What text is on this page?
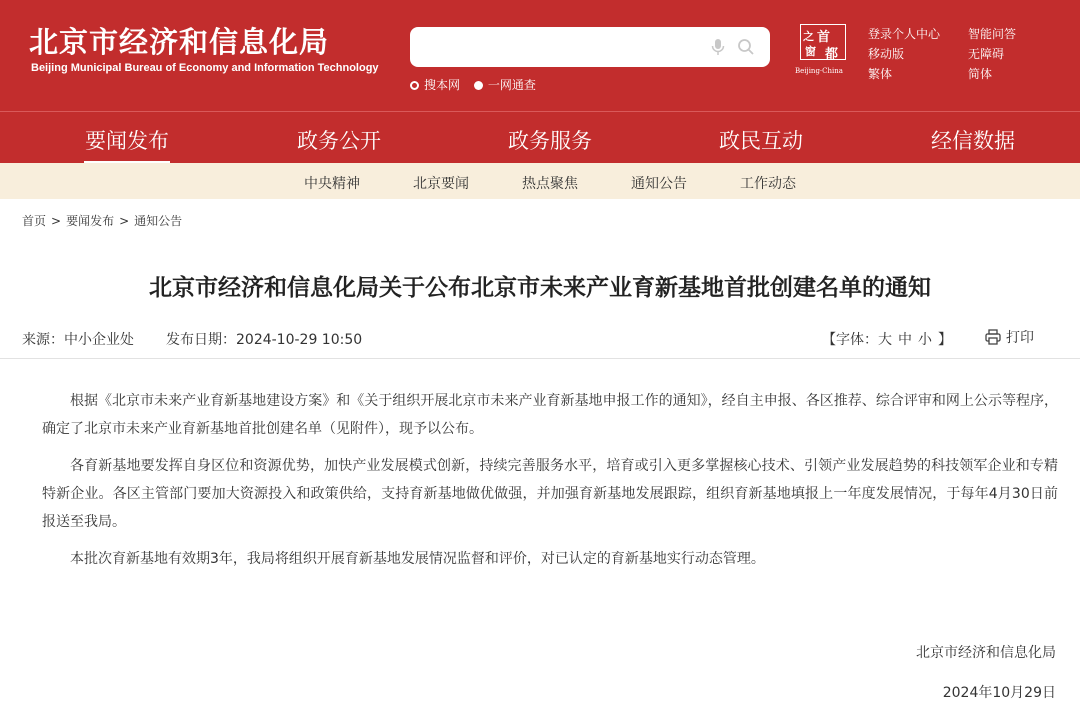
北京市经济和信息化局
Beijing Municipal Bureau of Economy and Information Technology
搜本网 一网通查
之 首
窗 都
Beijing·China
登录个人中心 智能问答
移动版	无障碍
繁体	简体
要闻发布	政务公开	政务服务	政民互动	经信数据
中央精神	北京要闻	热点聚焦	通知公告	工作动态
首页 > 要闻发布 > 通知公告
北京市经济和信息化局关于公布北京市未来产业育新基地首批创建名单的通知
来源：中小企业处 发布日期：2024-10-29 10:50	【字体：大 中 小 】	打印

根据《北京市未来产业育新基地建设方案》和《关于组织开展北京市未来产业育新基地申报工作的通知》，经自主申报、各区推荐、综合评审和网上公示等程序，确定了北京市未来产业育新基地首批创建名单（见附件），现予以公布。

各育新基地要发挥自身区位和资源优势，加快产业发展模式创新，持续完善服务水平，培育或引入更多掌握核心技术、引领产业发展趋势的科技领军企业和专精特新企业。各区主管部门要加大资源投入和政策供给，支持育新基地做优做强，并加强育新基地发展跟踪，组织育新基地填报上一年度发展情况，于每年4月30日前报送至我局。

本批次育新基地有效期3年，我局将组织开展育新基地发展情况监督和评价，对已认定的育新基地实行动态管理。

北京市经济和信息化局
2024年10月29日
